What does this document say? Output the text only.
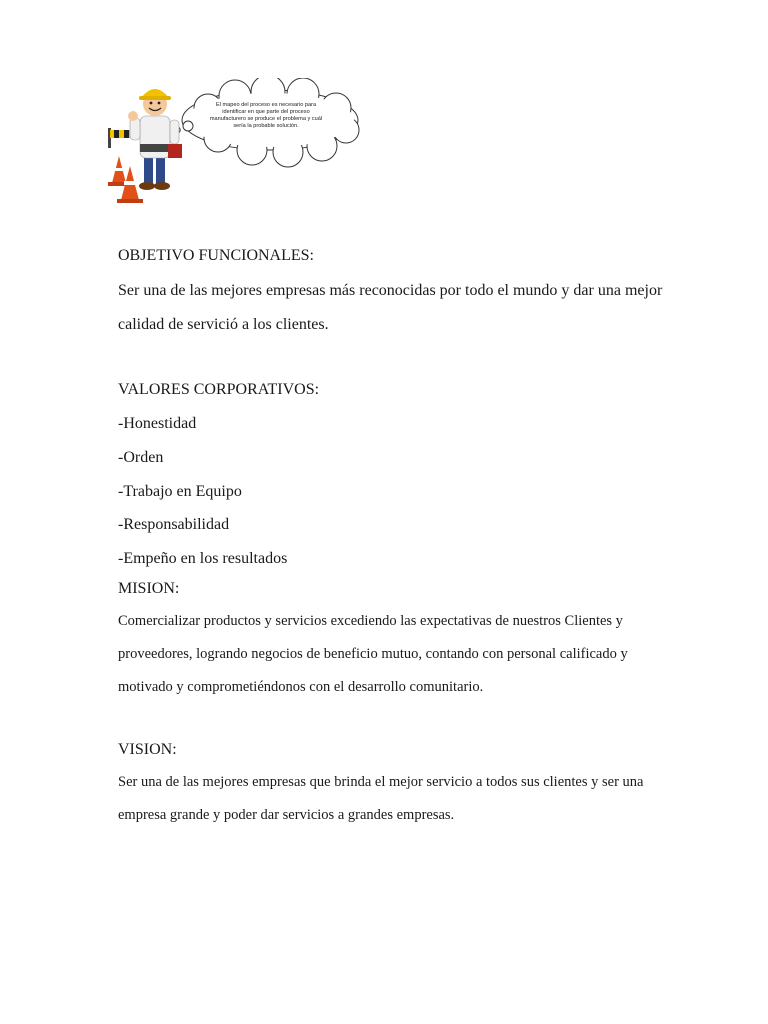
El mapeo del proceso es necesario para identificar en que parte del proceso manufacturero se produce el problema y cuál sería la probable solución.
OBJETIVO FUNCIONALES:
Ser una de las mejores empresas más reconocidas por todo el mundo y dar una mejor
calidad de servició a los clientes.
VALORES CORPORATIVOS:
-Honestidad
-Orden
-Trabajo en Equipo
-Responsabilidad
-Empeño en los resultados
MISION:
Comercializar productos y servicios excediendo las expectativas de nuestros Clientes y
proveedores, logrando negocios de beneficio mutuo, contando con personal calificado y
motivado y comprometiéndonos con el desarrollo comunitario.
VISION:
Ser una de las mejores empresas que brinda el mejor servicio a todos sus clientes y ser una
empresa grande y poder dar servicios a grandes empresas.
